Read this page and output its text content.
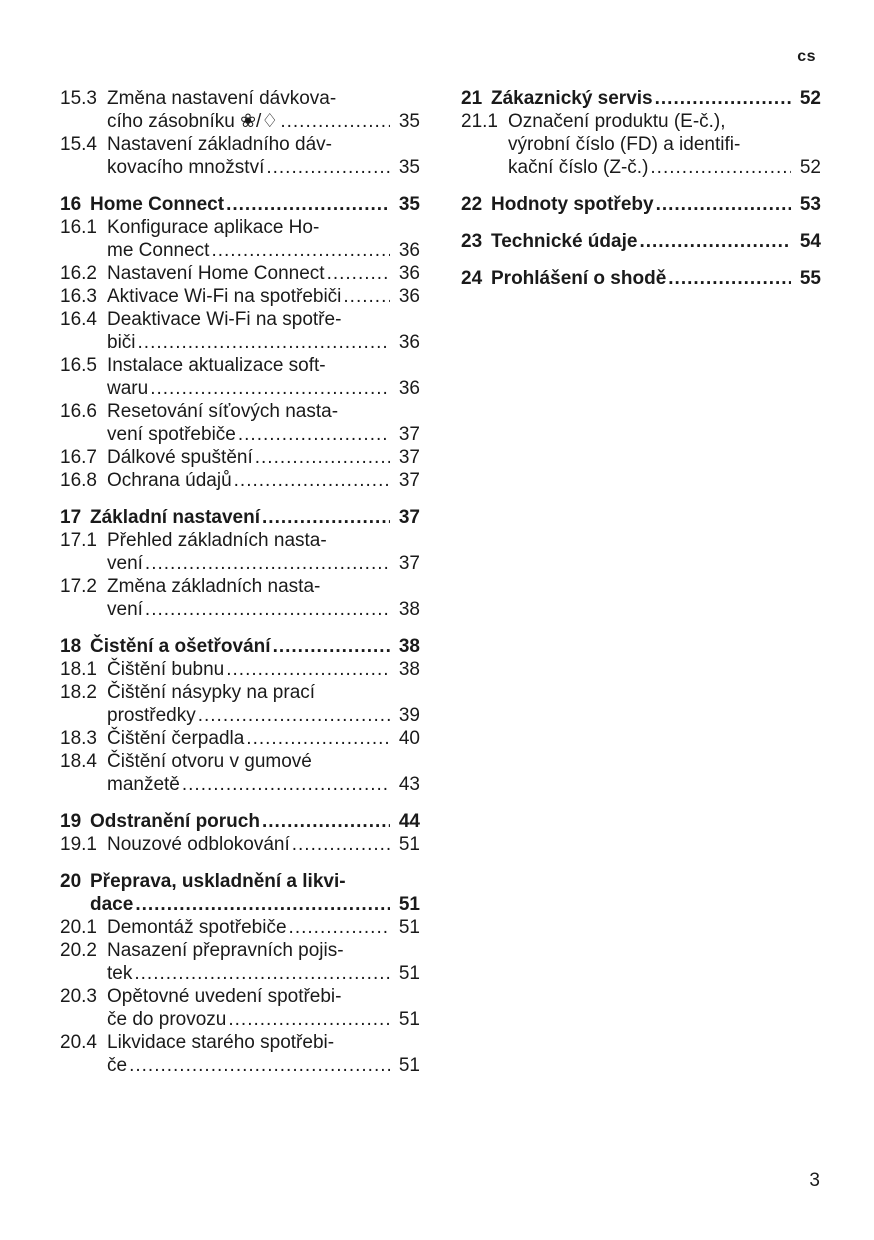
cs
15.3 Změna nastavení dávkova-
cího zásobníku ❀/♢ .....	35
15.4 Nastavení základního dáv-
kovacího množství .....	35
16 Home Connect .....	35
16.1 Konfigurace aplikace Ho-
me Connect .....	36
16.2 Nastavení Home Connect .....	36
16.3 Aktivace Wi-Fi na spotřebiči .....	36
16.4 Deaktivace Wi-Fi na spotře-
biči .....	36
16.5 Instalace aktualizace soft-
waru .....	36
16.6 Resetování síťových nasta-
vení spotřebiče .....	37
16.7 Dálkové spuštění .....	37
16.8 Ochrana údajů .....	37
17 Základní nastavení .....	37
17.1 Přehled základních nasta-
vení .....	37
17.2 Změna základních nasta-
vení .....	38
18 Čistění a ošetřování .....	38
18.1 Čištění bubnu .....	38
18.2 Čištění násypky na prací
prostředky .....	39
18.3 Čištění čerpadla .....	40
18.4 Čištění otvoru v gumové
manžetě .....	43
19 Odstranění poruch .....	44
19.1 Nouzové odblokování .....	51
20 Přeprava, uskladnění a likvi-
dace .....	51
20.1 Demontáž spotřebiče .....	51
20.2 Nasazení přepravních pojis-
tek .....	51
20.3 Opětovné uvedení spotřebi-
če do provozu .....	51
20.4 Likvidace starého spotřebi-
če .....	51
21 Zákaznický servis .....	52
21.1 Označení produktu (E-č.),
výrobní číslo (FD) a identifi-
kační číslo (Z-č.) .....	52
22 Hodnoty spotřeby .....	53
23 Technické údaje .....	54
24 Prohlášení o shodě .....	55
3
